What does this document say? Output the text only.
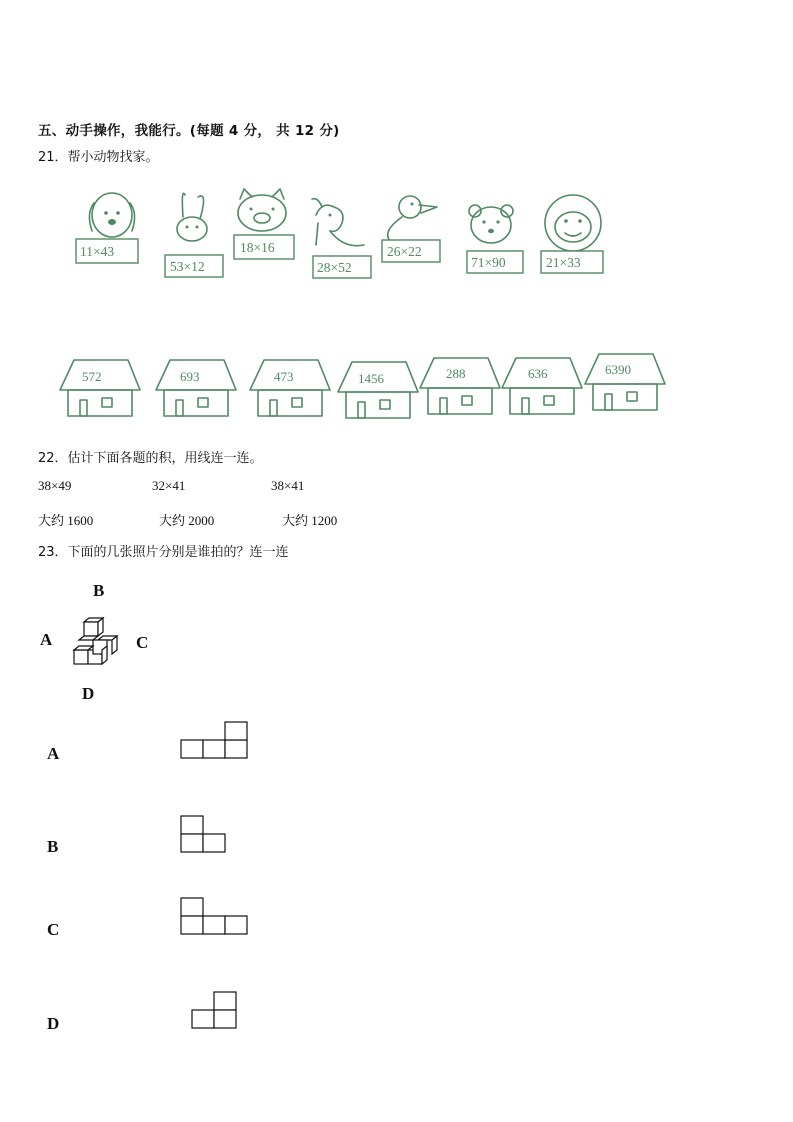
五、动手操作，我能行。(每题 4 分， 共 12 分)
21．帮小动物找家。
11×43
53×12
18×16
28×52
26×22
71×90	21×33
572	693	473	1456	288	636	6390
22．估计下面各题的积，用线连一连。
38×49	32×41	38×41
大约 1600	大约 2000	大约 1200
23．下面的几张照片分别是谁拍的？连一连
B
A	C
D
A
B
C
D
